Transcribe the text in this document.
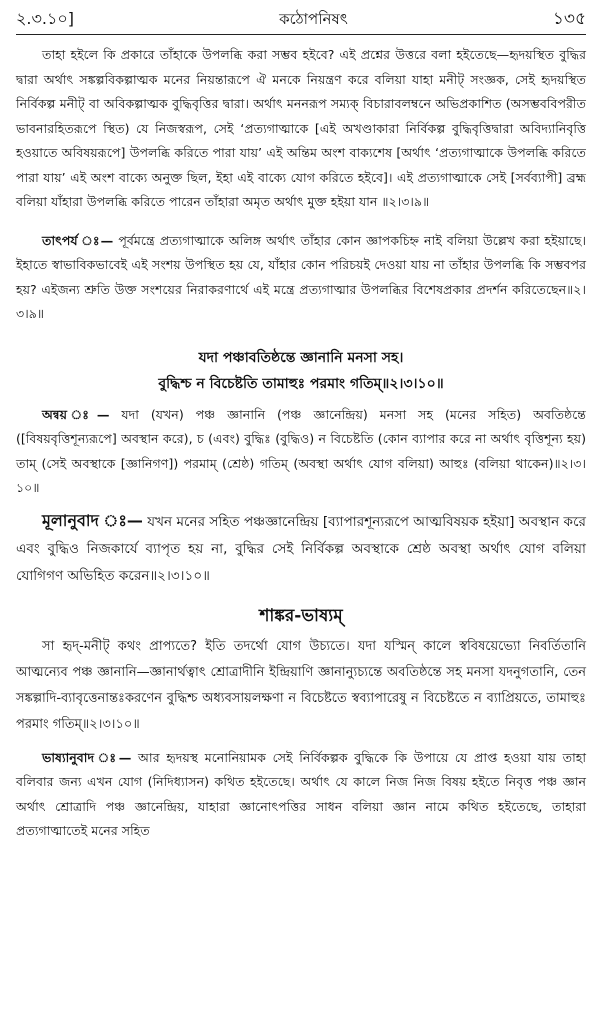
২.৩.১০]	কঠোপনিষৎ	১৩৫

তাহা হইলে কি প্রকারে তাঁহাকে উপলব্ধি করা সম্ভব হইবে? এই প্রশ্নের উত্তরে বলা হইতেছে—হৃদয়স্থিত বুদ্ধির দ্বারা অর্থাৎ সঙ্কল্পবিকল্পাত্মক মনের নিয়ন্তারূপে ঐ মনকে নিয়ন্ত্রণ করে বলিয়া যাহা মনীট্‌ সংজ্ঞক, সেই হৃদয়স্থিত নির্বিকল্প মনীট্‌ বা অবিকল্পাত্মক বুদ্ধিবৃত্তির দ্বারা। অর্থাৎ মননরূপ সম্যক্‌ বিচারাবলম্বনে অভিপ্রকাশিত (অসম্ভববিপরীত ভাবনারহিতরূপে স্থিত) যে নিজস্বরূপ, সেই ‘প্রত্যগাত্মাকে [এই অখণ্ডাকারা নির্বিকল্প বুদ্ধিবৃত্তিদ্বারা অবিদ্যানিবৃত্তি হওয়াতে অবিষয়রূপে] উপলব্ধি করিতে পারা যায়’ এই অন্তিম অংশ বাক্যশেষ [অর্থাৎ ‘প্রত্যগাত্মাকে উপলব্ধি করিতে পারা যায়’ এই অংশ বাক্যে অনুক্ত ছিল, ইহা এই বাক্যে যোগ করিতে হইবে]। এই প্রত্যগাত্মাকে সেই [সর্বব্যাপী] ব্রহ্ম বলিয়া যাঁহারা উপলব্ধি করিতে পারেন তাঁহারা অমৃত অর্থাৎ মুক্ত হইয়া যান ॥২।৩।৯॥

তাৎপর্য ঃ— পূর্বমন্ত্রে প্রত্যগাত্মাকে অলিঙ্গ অর্থাৎ তাঁহার কোন জ্ঞাপকচিহ্ন নাই বলিয়া উল্লেখ করা হইয়াছে। ইহাতে স্বাভাবিকভাবেই এই সংশয় উপস্থিত হয় যে, যাঁহার কোন পরিচয়ই দেওয়া যায় না তাঁহার উপলব্ধি কি সম্ভবপর হয়? এইজন্য শ্রুতি উক্ত সংশয়ের নিরাকরণার্থে এই মন্ত্রে প্রত্যগাত্মার উপলব্ধির বিশেষপ্রকার প্রদর্শন করিতেছেন॥২।৩।৯॥

যদা পঞ্চাবতিষ্ঠন্তে জ্ঞানানি মনসা সহ।
বুদ্ধিশ্চ ন বিচেষ্টতি তামাহুঃ পরমাং গতিম্‌॥২।৩।১০॥

অন্বয় ঃ— যদা (যখন) পঞ্চ জ্ঞানানি (পঞ্চ জ্ঞানেন্দ্রিয়) মনসা সহ (মনের সহিত) অবতিষ্ঠন্তে ([বিষয়বৃত্তিশূন্যরূপে] অবস্থান করে), চ (এবং) বুদ্ধিঃ (বুদ্ধিও) ন বিচেষ্টতি (কোন ব্যাপার করে না অর্থাৎ বৃত্তিশূন্য হয়) তাম্‌ (সেই অবস্থাকে [জ্ঞানিগণ]) পরমাম্‌ (শ্রেষ্ঠ) গতিম্‌ (অবস্থা অর্থাৎ যোগ বলিয়া) আহুঃ (বলিয়া থাকেন)॥২।৩।১০॥

মূলানুবাদ ঃ— যখন মনের সহিত পঞ্চজ্ঞানেন্দ্রিয় [ব্যাপারশূন্যরূপে আত্মবিষয়ক হইয়া] অবস্থান করে এবং বুদ্ধিও নিজকার্যে ব্যাপৃত হয় না, বুদ্ধির সেই নির্বিকল্প অবস্থাকে শ্রেষ্ঠ অবস্থা অর্থাৎ যোগ বলিয়া যোগিগণ অভিহিত করেন॥২।৩।১০॥

শাঙ্কর-ভাষ্যম্‌

সা হৃদ্‌-মনীট্‌ কথং প্রাপ্যতে? ইতি তদর্থো যোগ উচ্যতে। যদা যস্মিন্‌ কালে স্ববিষয়েভ্যো নিবর্তিতানি আত্মন্যেব পঞ্চ জ্ঞানানি—জ্ঞানার্থত্বাৎ শ্রোত্রাদীনি ইন্দ্রিয়াণি জ্ঞানান্যুচ্যন্তে অবতিষ্ঠন্তে সহ মনসা যদনুগতানি, তেন সঙ্কল্পাদি-ব্যাবৃত্তেনান্তঃকরণেন বুদ্ধিশ্চ অধ্যবসায়লক্ষণা ন বিচেষ্টতে স্বব্যাপারেষু ন বিচেষ্টতে ন ব্যাপ্রিয়তে, তামাহুঃ পরমাং গতিম্‌॥২।৩।১০॥

ভাষ্যানুবাদ ঃ— আর হৃদয়স্থ মনোনিয়ামক সেই নির্বিকল্পক বুদ্ধিকে কি উপায়ে যে প্রাপ্ত হওয়া যায় তাহা বলিবার জন্য এখন যোগ (নিদিধ্যাসন) কথিত হইতেছে। অর্থাৎ যে কালে নিজ নিজ বিষয় হইতে নিবৃত্ত পঞ্চ জ্ঞান অর্থাৎ শ্রোত্রাদি পঞ্চ জ্ঞানেন্দ্রিয়, যাহারা জ্ঞানোৎপত্তির সাধন বলিয়া জ্ঞান নামে কথিত হইতেছে, তাহারা প্রত্যগাত্মাতেই মনের সহিত
